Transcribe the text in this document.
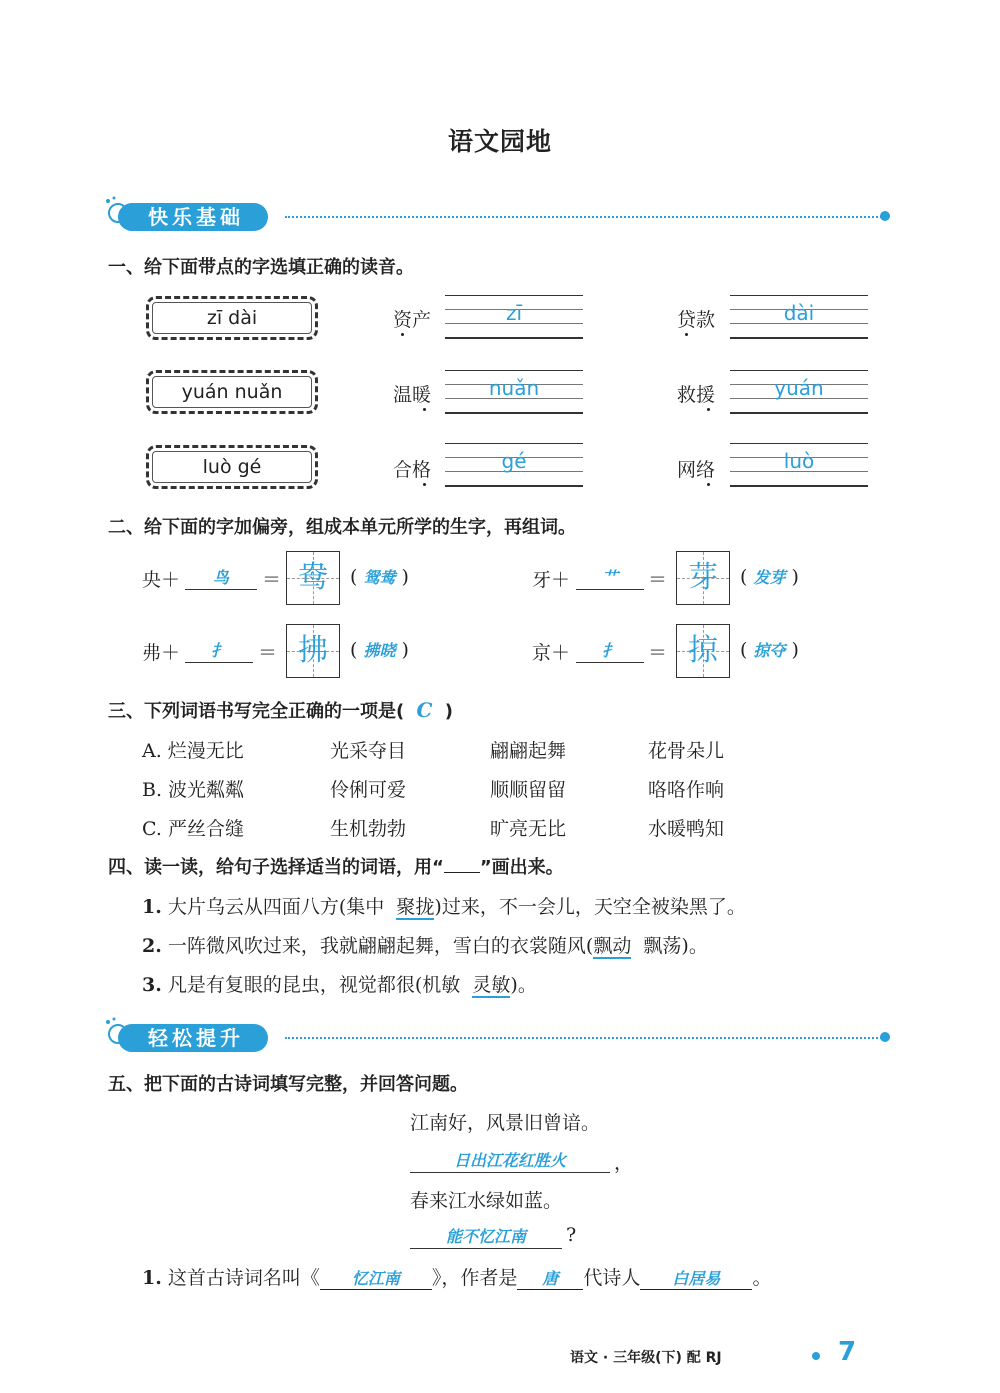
语文园地
快乐基础
一、给下面带点的字选填正确的读音。
zī dài
yuán nuǎn
luò gé
资产	zī	贷款	dài
温暖	nuǎn	救援	yuán
合格	gé	网络	luò
二、给下面的字加偏旁，组成本单元所学的生字，再组词。
央＋	鸟	＝ 鸯	( 鸳鸯 )	牙＋	艹	＝ 芽	( 发芽 )
弗＋	扌	＝ 拂	( 拂晓 )	京＋	扌	＝ 掠	( 掠夺 )
三、下列词语书写完全正确的一项是( C )
A. 烂漫无比	光采夺目	翩翩起舞	花骨朵儿
B. 波光粼粼	伶俐可爱	顺顺留留	咯咯作响
C. 严丝合缝	生机勃勃	旷亮无比	水暖鸭知
四、读一读，给句子选择适当的词语，用“ ”画出来。
1. 大片乌云从四面八方(集中 聚拢)过来，不一会儿，天空全被染黑了。
2. 一阵微风吹过来，我就翩翩起舞，雪白的衣裳随风(飘动 飘荡)。
3. 凡是有复眼的昆虫，视觉都很(机敏 灵敏)。
轻松提升
五、把下面的古诗词填写完整，并回答问题。
江南好，风景旧曾谙。
日出江花红胜火	，
春来江水绿如蓝。
能不忆江南	?
1. 这首古诗词名叫《 忆江南 》，作者是 唐 代诗人 白居易 。
语文 · 三年级(下) 配 RJ	7
